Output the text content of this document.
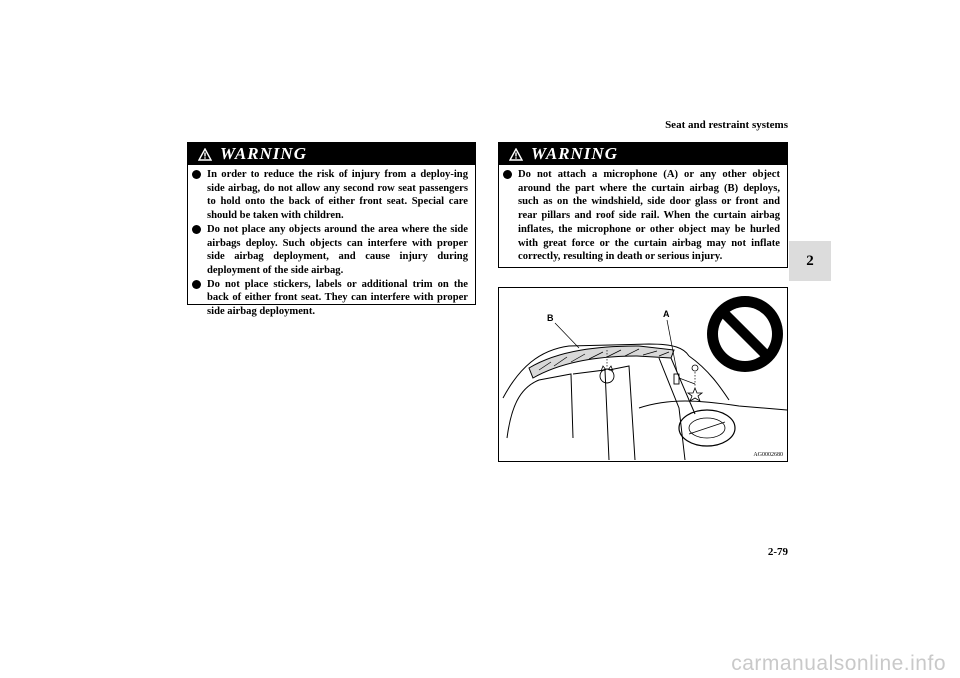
Seat and restraint systems
2
WARNING
In order to reduce the risk of injury from a deploy-ing side airbag, do not allow any second row seat passengers to hold onto the back of either front seat. Special care should be taken with children.
Do not place any objects around the area where the side airbags deploy. Such objects can interfere with proper side airbag deployment, and cause injury during deployment of the side airbag.
Do not place stickers, labels or additional trim on the back of either front seat. They can interfere with proper side airbag deployment.
WARNING
Do not attach a microphone (A) or any other object around the part where the curtain airbag (B) deploys, such as on the windshield, side door glass or front and rear pillars and roof side rail. When the curtain airbag inflates, the microphone or other object may be hurled with great force or the curtain airbag may not inflate correctly, resulting in death or serious injury.
B	A
AG0002680
2-79
carmanualsonline.info
